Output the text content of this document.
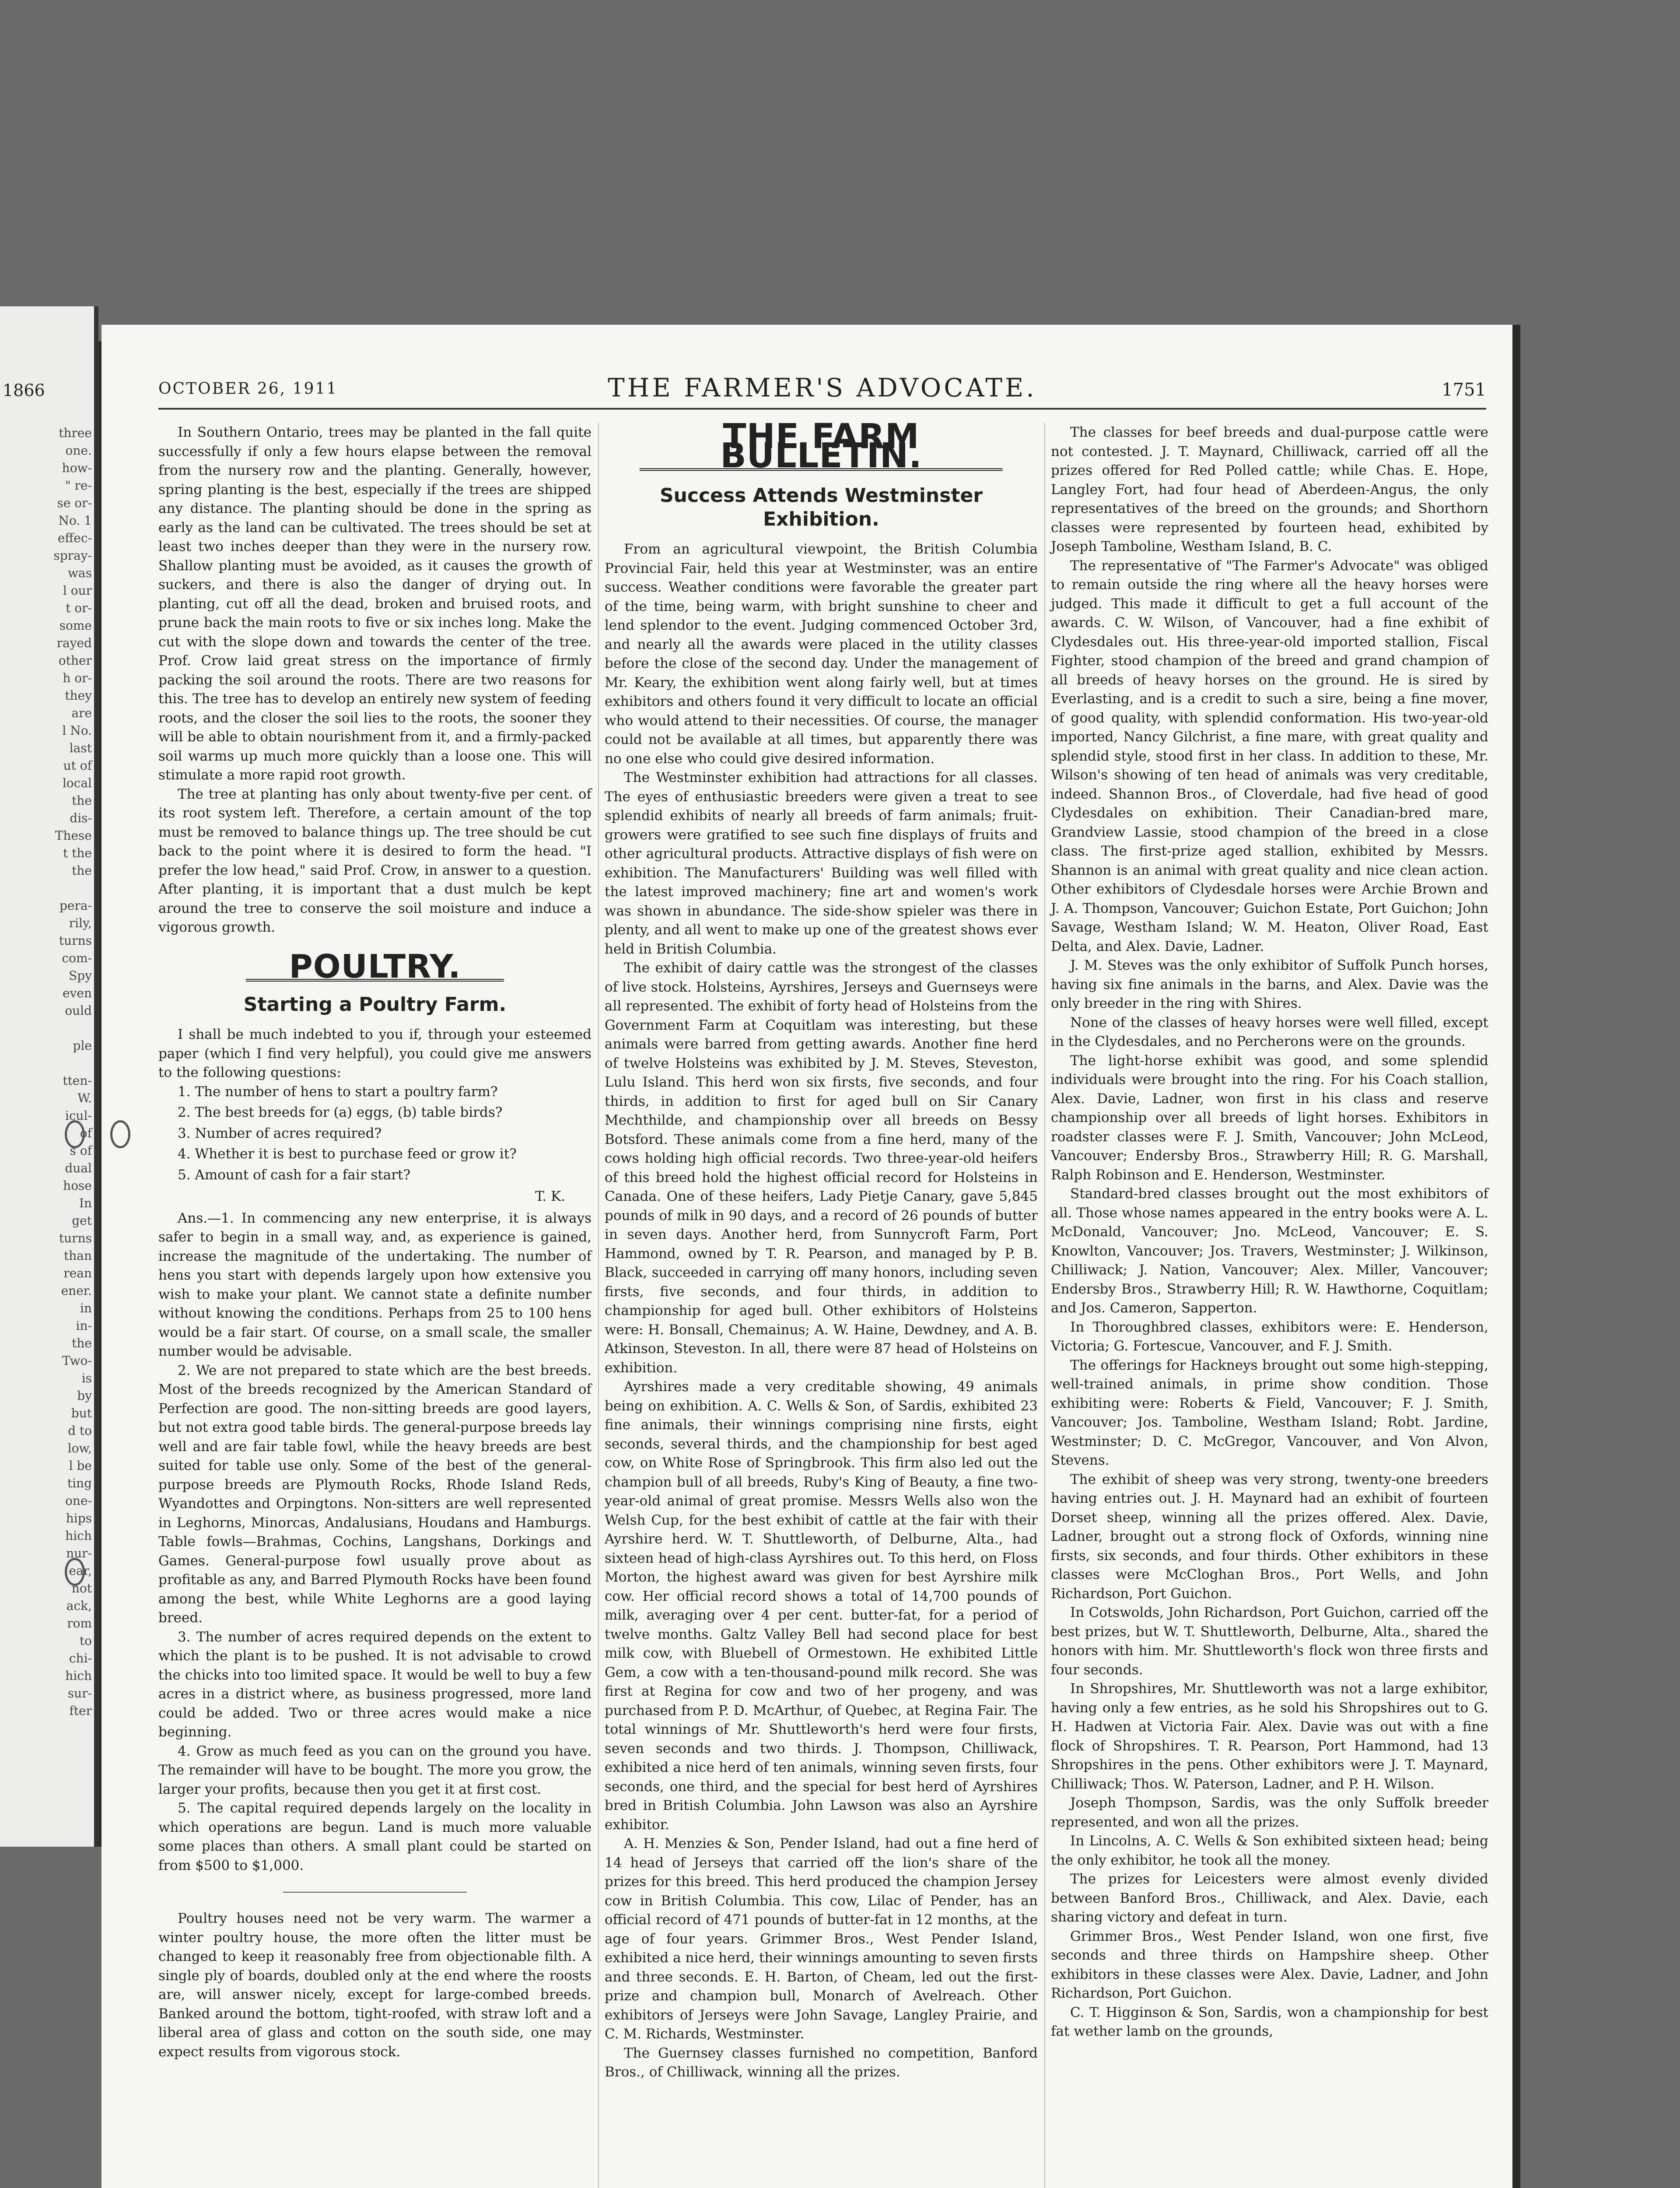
1866
three
one.
how-
" re-
se or-
No. 1
effec-
spray-
was
l our
t or-
some
rayed
other
h or-
they
are
l No.
last
ut of
local
the
dis-
These
t the
the

pera-
rily,
turns
com-
Spy
even
ould

ple

tten-
W.
icul-
of
s of
dual
hose
In
get
turns
than
rean
ener.
in
in-
the
Two-
is
by
but
d to
low,
l be
ting
one-
hips
hich
nur-
ear,
not
ack,
rom
to
chi-
hich
sur-
fter
OCTOBER 26, 1911	THE FARMER'S ADVOCATE.	1751

In Southern Ontario, trees may be planted in the fall quite successfully if only a few hours elapse between the removal from the nursery row and the planting. Generally, however, spring planting is the best, especially if the trees are shipped any distance. The planting should be done in the spring as early as the land can be cultivated. The trees should be set at least two inches deeper than they were in the nursery row. Shallow planting must be avoided, as it causes the growth of suckers, and there is also the danger of drying out. In planting, cut off all the dead, broken and bruised roots, and prune back the main roots to five or six inches long. Make the cut with the slope down and towards the center of the tree. Prof. Crow laid great stress on the importance of firmly packing the soil around the roots. There are two reasons for this. The tree has to develop an entirely new system of feeding roots, and the closer the soil lies to the roots, the sooner they will be able to obtain nourishment from it, and a firmly-packed soil warms up much more quickly than a loose one. This will stimulate a more rapid root growth.

The tree at planting has only about twenty-five per cent. of its root system left. Therefore, a certain amount of the top must be removed to balance things up. The tree should be cut back to the point where it is desired to form the head. "I prefer the low head," said Prof. Crow, in answer to a question. After planting, it is important that a dust mulch be kept around the tree to conserve the soil moisture and induce a vigorous growth.

POULTRY.
Starting a Poultry Farm.

I shall be much indebted to you if, through your esteemed paper (which I find very helpful), you could give me answers to the following questions:

1. The number of hens to start a poultry farm?
2. The best breeds for (a) eggs, (b) table birds?
3. Number of acres required?
4. Whether it is best to purchase feed or grow it?
5. Amount of cash for a fair start?
T. K.

Ans.—1. In commencing any new enterprise, it is always safer to begin in a small way, and, as experience is gained, increase the magnitude of the undertaking. The number of hens you start with depends largely upon how extensive you wish to make your plant. We cannot state a definite number without knowing the conditions. Perhaps from 25 to 100 hens would be a fair start. Of course, on a small scale, the smaller number would be advisable.

2. We are not prepared to state which are the best breeds. Most of the breeds recognized by the American Standard of Perfection are good. The non-sitting breeds are good layers, but not extra good table birds. The general-purpose breeds lay well and are fair table fowl, while the heavy breeds are best suited for table use only. Some of the best of the general-purpose breeds are Plymouth Rocks, Rhode Island Reds, Wyandottes and Orpingtons. Non-sitters are well represented in Leghorns, Minorcas, Andalusians, Houdans and Hamburgs. Table fowls—Brahmas, Cochins, Langshans, Dorkings and Games. General-purpose fowl usually prove about as profitable as any, and Barred Plymouth Rocks have been found among the best, while White Leghorns are a good laying breed.

3. The number of acres required depends on the extent to which the plant is to be pushed. It is not advisable to crowd the chicks into too limited space. It would be well to buy a few acres in a district where, as business progressed, more land could be added. Two or three acres would make a nice beginning.

4. Grow as much feed as you can on the ground you have. The remainder will have to be bought. The more you grow, the larger your profits, because then you get it at first cost.

5. The capital required depends largely on the locality in which operations are begun. Land is much more valuable some places than others. A small plant could be started on from $500 to $1,000.

Poultry houses need not be very warm. The warmer a winter poultry house, the more often the litter must be changed to keep it reasonably free from objectionable filth. A single ply of boards, doubled only at the end where the roosts are, will answer nicely, except for large-combed breeds. Banked around the bottom, tight-roofed, with straw loft and a liberal area of glass and cotton on the south side, one may expect results from vigorous stock.

THE FARM BULLETIN.
Success Attends Westminster Exhibition.

From an agricultural viewpoint, the British Columbia Provincial Fair, held this year at Westminster, was an entire success. Weather conditions were favorable the greater part of the time, being warm, with bright sunshine to cheer and lend splendor to the event. Judging commenced October 3rd, and nearly all the awards were placed in the utility classes before the close of the second day. Under the management of Mr. Keary, the exhibition went along fairly well, but at times exhibitors and others found it very difficult to locate an official who would attend to their necessities. Of course, the manager could not be available at all times, but apparently there was no one else who could give desired information.

The Westminster exhibition had attractions for all classes. The eyes of enthusiastic breeders were given a treat to see splendid exhibits of nearly all breeds of farm animals; fruit-growers were gratified to see such fine displays of fruits and other agricultural products. Attractive displays of fish were on exhibition. The Manufacturers' Building was well filled with the latest improved machinery; fine art and women's work was shown in abundance. The side-show spieler was there in plenty, and all went to make up one of the greatest shows ever held in British Columbia.

The exhibit of dairy cattle was the strongest of the classes of live stock. Holsteins, Ayrshires, Jerseys and Guernseys were all represented. The exhibit of forty head of Holsteins from the Government Farm at Coquitlam was interesting, but these animals were barred from getting awards. Another fine herd of twelve Holsteins was exhibited by J. M. Steves, Steveston, Lulu Island. This herd won six firsts, five seconds, and four thirds, in addition to first for aged bull on Sir Canary Mechthilde, and championship over all breeds on Bessy Botsford. These animals come from a fine herd, many of the cows holding high official records. Two three-year-old heifers of this breed hold the highest official record for Holsteins in Canada. One of these heifers, Lady Pietje Canary, gave 5,845 pounds of milk in 90 days, and a record of 26 pounds of butter in seven days. Another herd, from Sunnycroft Farm, Port Hammond, owned by T. R. Pearson, and managed by P. B. Black, succeeded in carrying off many honors, including seven firsts, five seconds, and four thirds, in addition to championship for aged bull. Other exhibitors of Holsteins were: H. Bonsall, Chemainus; A. W. Haine, Dewdney, and A. B. Atkinson, Steveston. In all, there were 87 head of Holsteins on exhibition.

Ayrshires made a very creditable showing, 49 animals being on exhibition. A. C. Wells & Son, of Sardis, exhibited 23 fine animals, their winnings comprising nine firsts, eight seconds, several thirds, and the championship for best aged cow, on White Rose of Springbrook. This firm also led out the champion bull of all breeds, Ruby's King of Beauty, a fine two-year-old animal of great promise. Messrs Wells also won the Welsh Cup, for the best exhibit of cattle at the fair with their Ayrshire herd. W. T. Shuttleworth, of Delburne, Alta., had sixteen head of high-class Ayrshires out. To this herd, on Floss Morton, the highest award was given for best Ayrshire milk cow. Her official record shows a total of 14,700 pounds of milk, averaging over 4 per cent. butter-fat, for a period of twelve months. Galtz Valley Bell had second place for best milk cow, with Bluebell of Ormestown. He exhibited Little Gem, a cow with a ten-thousand-pound milk record. She was first at Regina for cow and two of her progeny, and was purchased from P. D. McArthur, of Quebec, at Regina Fair. The total winnings of Mr. Shuttleworth's herd were four firsts, seven seconds and two thirds. J. Thompson, Chilliwack, exhibited a nice herd of ten animals, winning seven firsts, four seconds, one third, and the special for best herd of Ayrshires bred in British Columbia. John Lawson was also an Ayrshire exhibitor.

A. H. Menzies & Son, Pender Island, had out a fine herd of 14 head of Jerseys that carried off the lion's share of the prizes for this breed. This herd produced the champion Jersey cow in British Columbia. This cow, Lilac of Pender, has an official record of 471 pounds of butter-fat in 12 months, at the age of four years. Grimmer Bros., West Pender Island, exhibited a nice herd, their winnings amounting to seven firsts and three seconds. E. H. Barton, of Cheam, led out the first-prize and champion bull, Monarch of Avelreach. Other exhibitors of Jerseys were John Savage, Langley Prairie, and C. M. Richards, Westminster.

The Guernsey classes furnished no competition, Banford Bros., of Chilliwack, winning all the prizes.

The classes for beef breeds and dual-purpose cattle were not contested. J. T. Maynard, Chilliwack, carried off all the prizes offered for Red Polled cattle; while Chas. E. Hope, Langley Fort, had four head of Aberdeen-Angus, the only representatives of the breed on the grounds; and Shorthorn classes were represented by fourteen head, exhibited by Joseph Tamboline, Westham Island, B. C.

The representative of "The Farmer's Advocate" was obliged to remain outside the ring where all the heavy horses were judged. This made it difficult to get a full account of the awards. C. W. Wilson, of Vancouver, had a fine exhibit of Clydesdales out. His three-year-old imported stallion, Fiscal Fighter, stood champion of the breed and grand champion of all breeds of heavy horses on the ground. He is sired by Everlasting, and is a credit to such a sire, being a fine mover, of good quality, with splendid conformation. His two-year-old imported, Nancy Gilchrist, a fine mare, with great quality and splendid style, stood first in her class. In addition to these, Mr. Wilson's showing of ten head of animals was very creditable, indeed. Shannon Bros., of Cloverdale, had five head of good Clydesdales on exhibition. Their Canadian-bred mare, Grandview Lassie, stood champion of the breed in a close class. The first-prize aged stallion, exhibited by Messrs. Shannon is an animal with great quality and nice clean action. Other exhibitors of Clydesdale horses were Archie Brown and J. A. Thompson, Vancouver; Guichon Estate, Port Guichon; John Savage, Westham Island; W. M. Heaton, Oliver Road, East Delta, and Alex. Davie, Ladner.

J. M. Steves was the only exhibitor of Suffolk Punch horses, having six fine animals in the barns, and Alex. Davie was the only breeder in the ring with Shires.

None of the classes of heavy horses were well filled, except in the Clydesdales, and no Percherons were on the grounds.

The light-horse exhibit was good, and some splendid individuals were brought into the ring. For his Coach stallion, Alex. Davie, Ladner, won first in his class and reserve championship over all breeds of light horses. Exhibitors in roadster classes were F. J. Smith, Vancouver; John McLeod, Vancouver; Endersby Bros., Strawberry Hill; R. G. Marshall, Ralph Robinson and E. Henderson, Westminster.

Standard-bred classes brought out the most exhibitors of all. Those whose names appeared in the entry books were A. L. McDonald, Vancouver; Jno. McLeod, Vancouver; E. S. Knowlton, Vancouver; Jos. Travers, Westminster; J. Wilkinson, Chilliwack; J. Nation, Vancouver; Alex. Miller, Vancouver; Endersby Bros., Strawberry Hill; R. W. Hawthorne, Coquitlam; and Jos. Cameron, Sapperton.

In Thoroughbred classes, exhibitors were: E. Henderson, Victoria; G. Fortescue, Vancouver, and F. J. Smith.

The offerings for Hackneys brought out some high-stepping, well-trained animals, in prime show condition. Those exhibiting were: Roberts & Field, Vancouver; F. J. Smith, Vancouver; Jos. Tamboline, Westham Island; Robt. Jardine, Westminster; D. C. McGregor, Vancouver, and Von Alvon, Stevens.

The exhibit of sheep was very strong, twenty-one breeders having entries out. J. H. Maynard had an exhibit of fourteen Dorset sheep, winning all the prizes offered. Alex. Davie, Ladner, brought out a strong flock of Oxfords, winning nine firsts, six seconds, and four thirds. Other exhibitors in these classes were McCloghan Bros., Port Wells, and John Richardson, Port Guichon.

In Cotswolds, John Richardson, Port Guichon, carried off the best prizes, but W. T. Shuttleworth, Delburne, Alta., shared the honors with him. Mr. Shuttleworth's flock won three firsts and four seconds.

In Shropshires, Mr. Shuttleworth was not a large exhibitor, having only a few entries, as he sold his Shropshires out to G. H. Hadwen at Victoria Fair. Alex. Davie was out with a fine flock of Shropshires. T. R. Pearson, Port Hammond, had 13 Shropshires in the pens. Other exhibitors were J. T. Maynard, Chilliwack; Thos. W. Paterson, Ladner, and P. H. Wilson.

Joseph Thompson, Sardis, was the only Suffolk breeder represented, and won all the prizes.

In Lincolns, A. C. Wells & Son exhibited sixteen head; being the only exhibitor, he took all the money.

The prizes for Leicesters were almost evenly divided between Banford Bros., Chilliwack, and Alex. Davie, each sharing victory and defeat in turn.

Grimmer Bros., West Pender Island, won one first, five seconds and three thirds on Hampshire sheep. Other exhibitors in these classes were Alex. Davie, Ladner, and John Richardson, Port Guichon.

C. T. Higginson & Son, Sardis, won a championship for best fat wether lamb on the grounds,
